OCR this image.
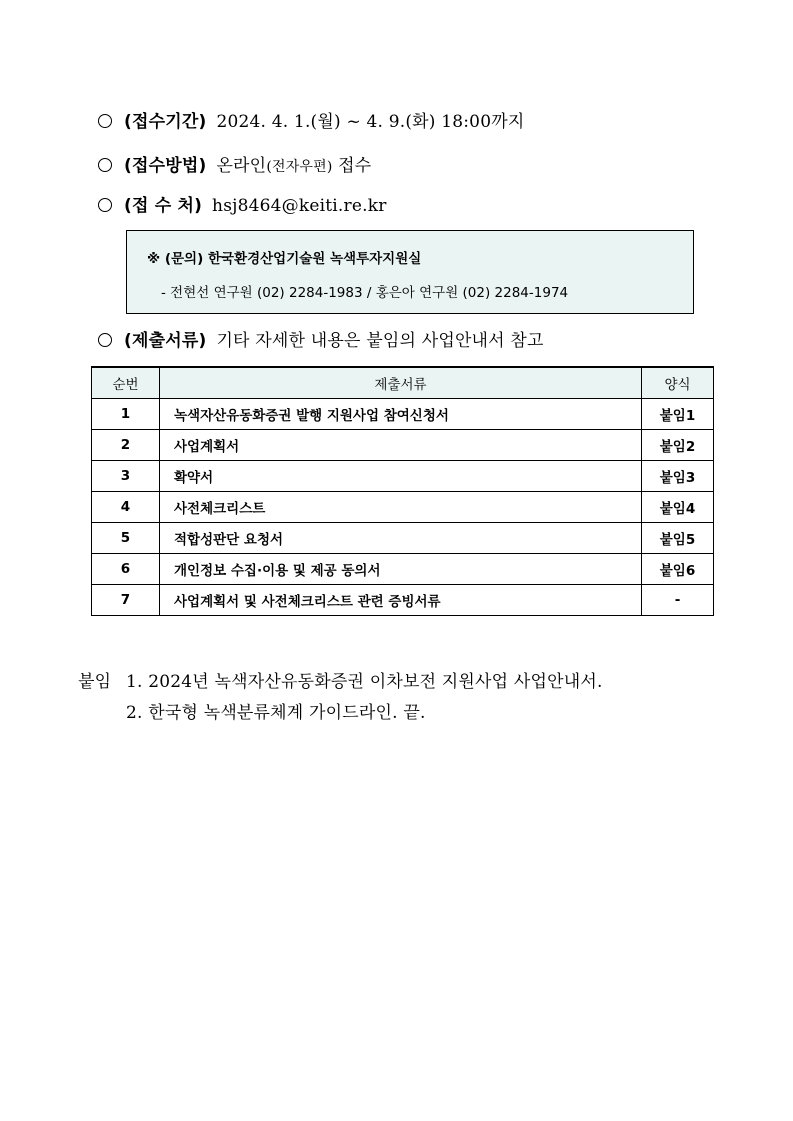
(접수기간) 2024. 4. 1.(월) ~ 4. 9.(화) 18:00까지
(접수방법) 온라인(전자우편) 접수
(접 수 처) hsj8464@keiti.re.kr
※ (문의) 한국환경산업기술원 녹색투자지원실
- 전현선 연구원 (02) 2284-1983 / 홍은아 연구원 (02) 2284-1974
(제출서류) 기타 자세한 내용은 붙임의 사업안내서 참고
순번	제출서류	양식
1	녹색자산유동화증권 발행 지원사업 참여신청서	붙임1
2	사업계획서	붙임2
3	확약서	붙임3
4	사전체크리스트	붙임4
5	적합성판단 요청서	붙임5
6	개인정보 수집·이용 및 제공 동의서	붙임6
7	사업계획서 및 사전체크리스트 관련 증빙서류	-
붙임 1. 2024년 녹색자산유동화증권 이차보전 지원사업 사업안내서.
2. 한국형 녹색분류체계 가이드라인. 끝.
